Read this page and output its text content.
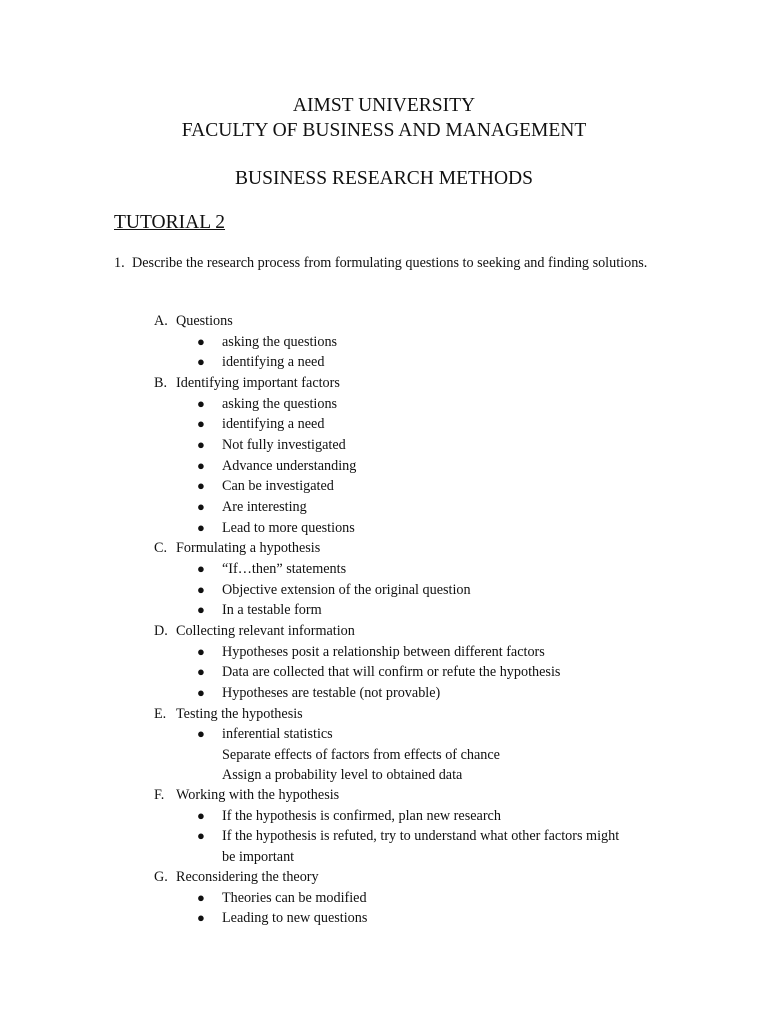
AIMST UNIVERSITY

FACULTY OF BUSINESS AND MANAGEMENT

BUSINESS RESEARCH METHODS
TUTORIAL 2
1. Describe the research process from formulating questions to seeking and finding solutions.
A. Questions
● asking the questions
● identifying a need
B. Identifying important factors
● asking the questions
● identifying a need
● Not fully investigated
● Advance understanding
● Can be investigated
● Are interesting
● Lead to more questions
C. Formulating a hypothesis
● “If…then” statements
● Objective extension of the original question
● In a testable form
D. Collecting relevant information
● Hypotheses posit a relationship between different factors
● Data are collected that will confirm or refute the hypothesis
● Hypotheses are testable (not provable)
E. Testing the hypothesis
● inferential statistics
Separate effects of factors from effects of chance
Assign a probability level to obtained data
F. Working with the hypothesis
● If the hypothesis is confirmed, plan new research
● If the hypothesis is refuted, try to understand what other factors might
be important
G. Reconsidering the theory
● Theories can be modified
● Leading to new questions
